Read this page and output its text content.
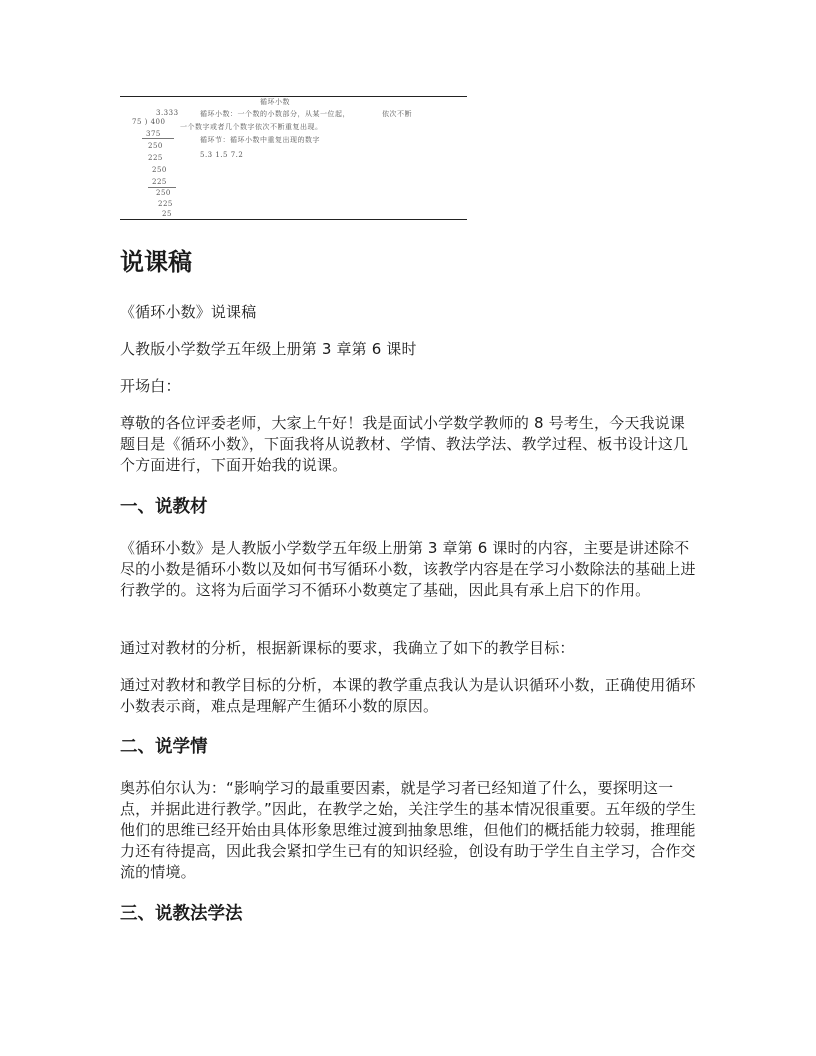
循环小数
3.333
75 ) 400
375
250
225
250
225
250
225
25
循环小数：一个数的小数部分，从某一位起，	依次不断
一个数字或者几个数字依次不断重复出现。
循环节：循环小数中重复出现的数字
5.3 1.5 7.2
说课稿

《循环小数》说课稿

人教版小学数学五年级上册第 3 章第 6 课时

开场白：

尊敬的各位评委老师，大家上午好！我是面试小学数学教师的 8 号考生，今天我说课题目是《循环小数》，下面我将从说教材、学情、教法学法、教学过程、板书设计这几个方面进行，下面开始我的说课。

一、说教材

《循环小数》是人教版小学数学五年级上册第 3 章第 6 课时的内容，主要是讲述除不尽的小数是循环小数以及如何书写循环小数，该教学内容是在学习小数除法的基础上进行教学的。这将为后面学习不循环小数奠定了基础，因此具有承上启下的作用。

通过对教材的分析，根据新课标的要求，我确立了如下的教学目标：

通过对教材和教学目标的分析，本课的教学重点我认为是认识循环小数，正确使用循环小数表示商，难点是理解产生循环小数的原因。

二、说学情

奥苏伯尔认为：“影响学习的最重要因素，就是学习者已经知道了什么，要探明这一点，并据此进行教学。”因此，在教学之始，关注学生的基本情况很重要。五年级的学生他们的思维已经开始由具体形象思维过渡到抽象思维，但他们的概括能力较弱，推理能力还有待提高，因此我会紧扣学生已有的知识经验，创设有助于学生自主学习，合作交流的情境。

三、说教法学法
